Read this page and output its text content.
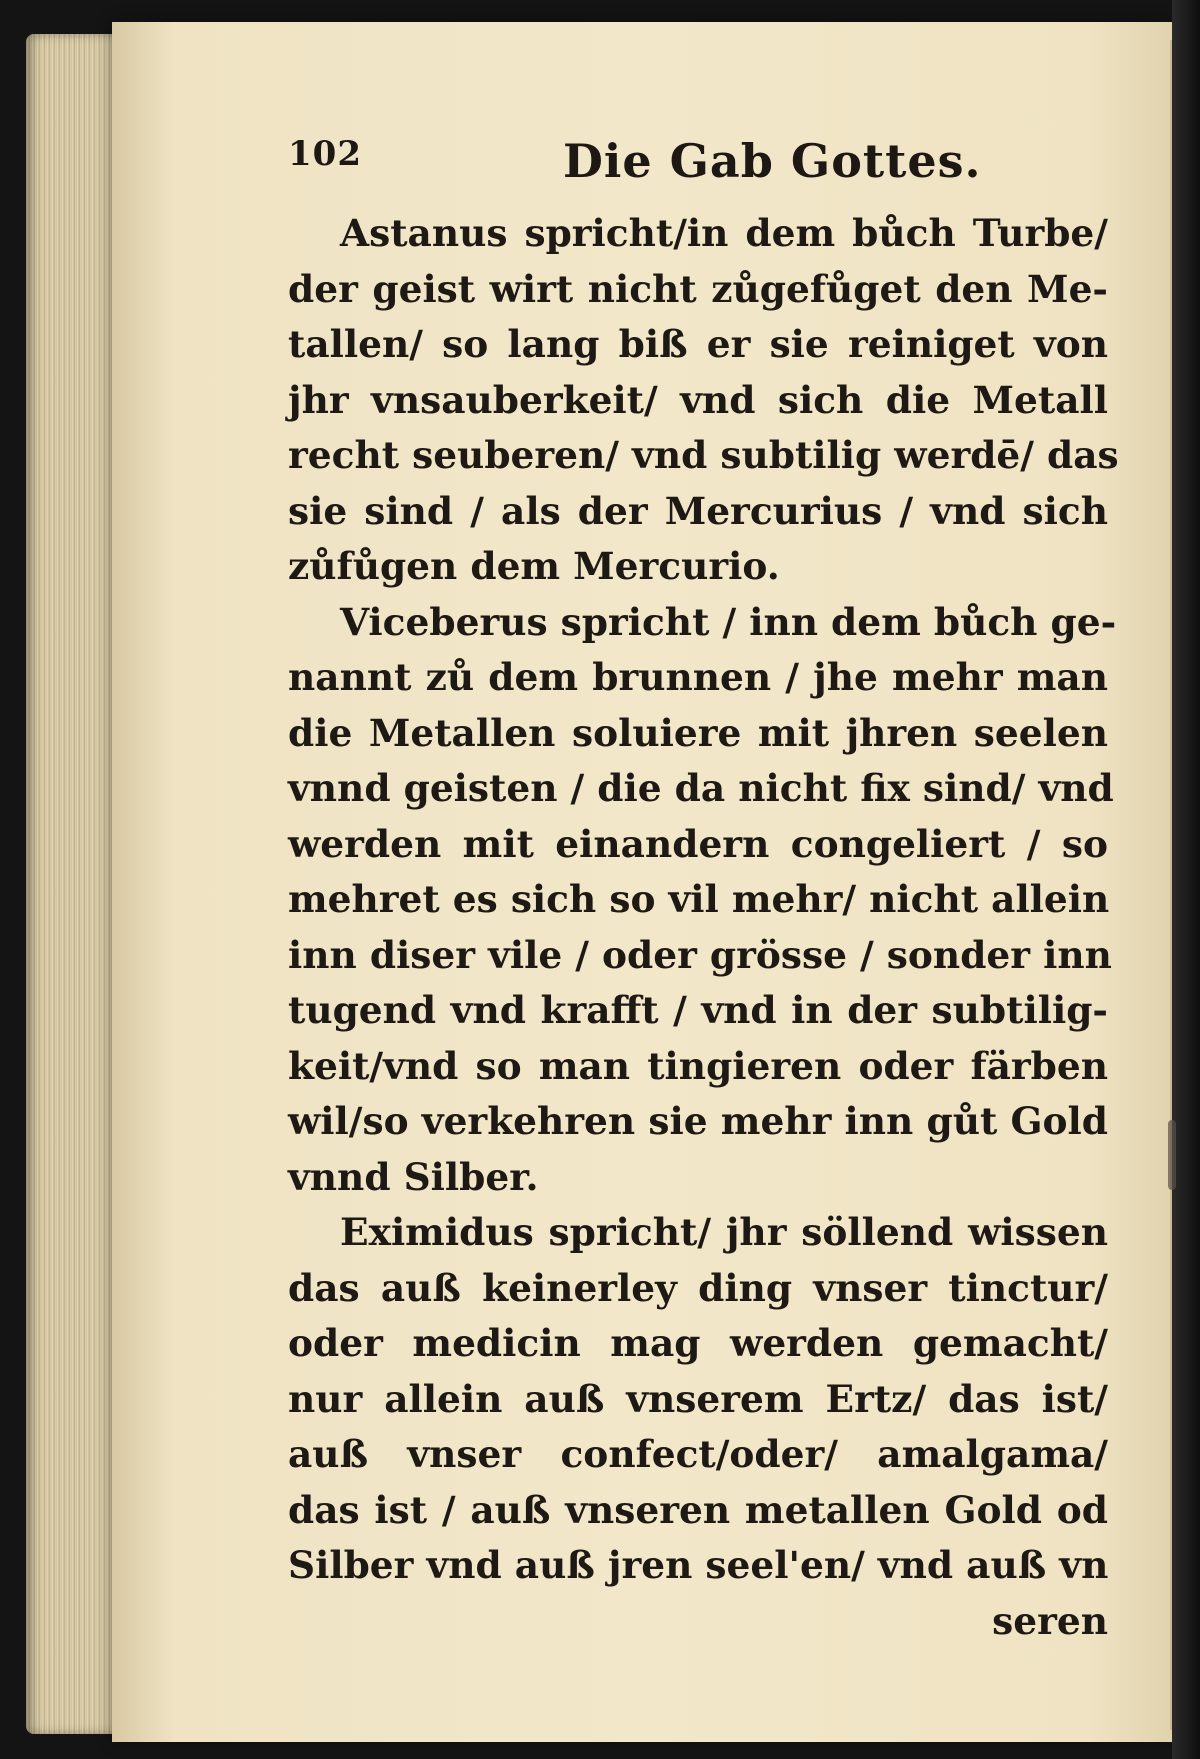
102	Die Gab Gottes.
Astanus spricht/in dem bůch Turbe/
der geist wirt nicht zůgefůget den Me-
tallen/ so lang biß er sie reiniget von
jhr vnsauberkeit/ vnd sich die Metall
recht seuberen/ vnd subtilig werdē/ das
sie sind / als der Mercurius / vnd sich
zůfůgen dem Mercurio.
Viceberus spricht / inn dem bůch ge-
nannt zů dem brunnen / jhe mehr man
die Metallen soluiere mit jhren seelen
vnnd geisten / die da nicht fix sind/ vnd
werden mit einandern congeliert / so
mehret es sich so vil mehr/ nicht allein
inn diser vile / oder grösse / sonder inn
tugend vnd krafft / vnd in der subtilig-
keit/vnd so man tingieren oder färben
wil/so verkehren sie mehr inn gůt Gold
vnnd Silber.
Eximidus spricht/ jhr söllend wissen
das auß keinerley ding vnser tinctur/
oder medicin mag werden gemacht/
nur allein auß vnserem Ertz/ das ist/
auß vnser confect/oder/ amalgama/
das ist / auß vnseren metallen Gold od
Silber vnd auß jren seel'en/ vnd auß vn
seren
